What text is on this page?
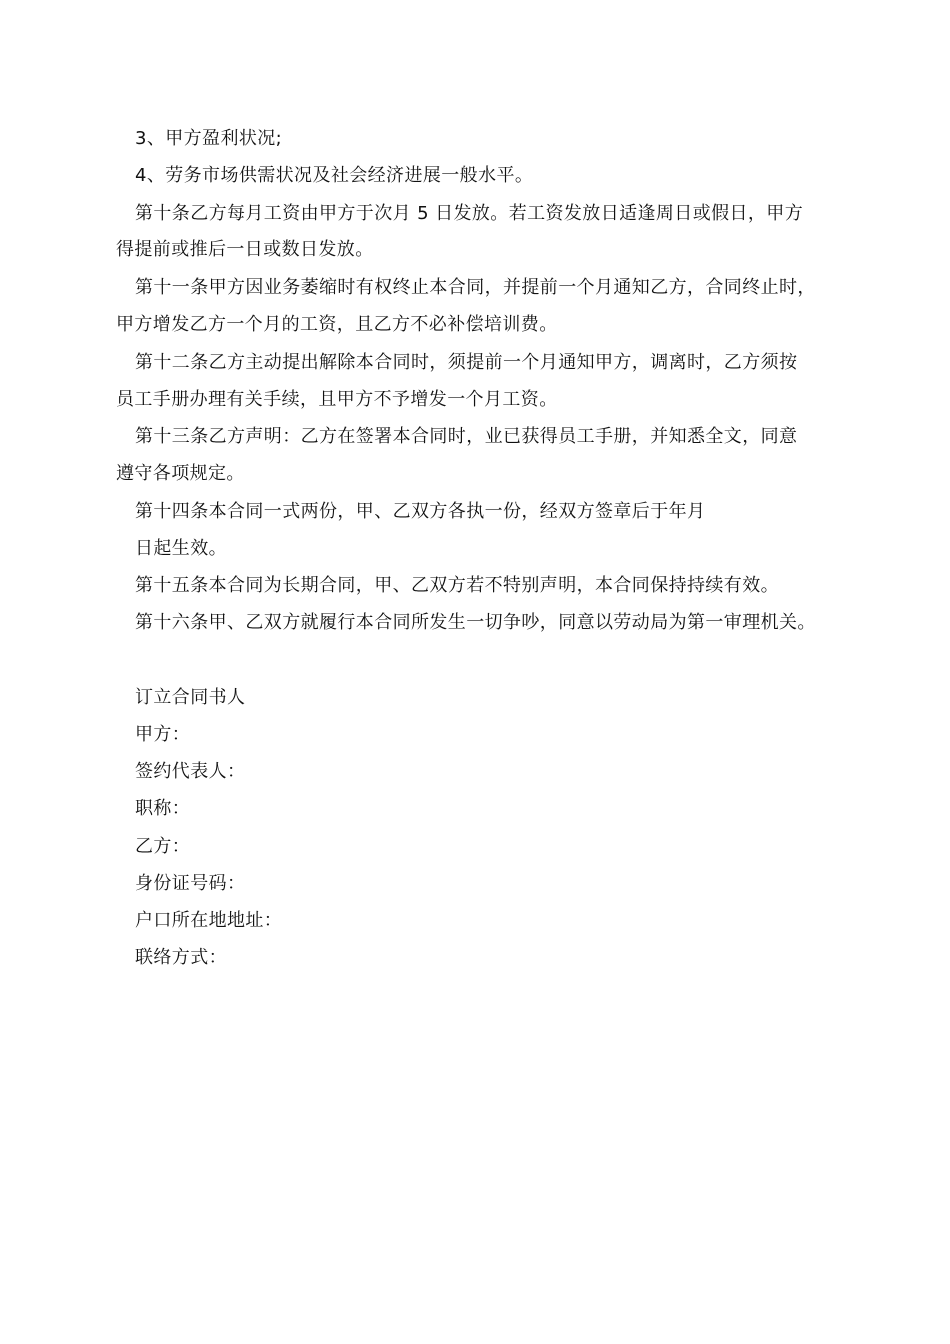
3、甲方盈利状况;
4、劳务市场供需状况及社会经济进展一般水平。
第十条乙方每月工资由甲方于次月 5 日发放。若工资发放日适逢周日或假日，甲方
得提前或推后一日或数日发放。
第十一条甲方因业务萎缩时有权终止本合同，并提前一个月通知乙方，合同终止时，
甲方增发乙方一个月的工资，且乙方不必补偿培训费。
第十二条乙方主动提出解除本合同时，须提前一个月通知甲方，调离时，乙方须按
员工手册办理有关手续，且甲方不予增发一个月工资。
第十三条乙方声明：乙方在签署本合同时，业已获得员工手册，并知悉全文，同意
遵守各项规定。
第十四条本合同一式两份，甲、乙双方各执一份，经双方签章后于年月
日起生效。
第十五条本合同为长期合同，甲、乙双方若不特别声明，本合同保持持续有效。
第十六条甲、乙双方就履行本合同所发生一切争吵，同意以劳动局为第一审理机关。
订立合同书人
甲方：
签约代表人：
职称：
乙方：
身份证号码：
户口所在地地址：
联络方式：
